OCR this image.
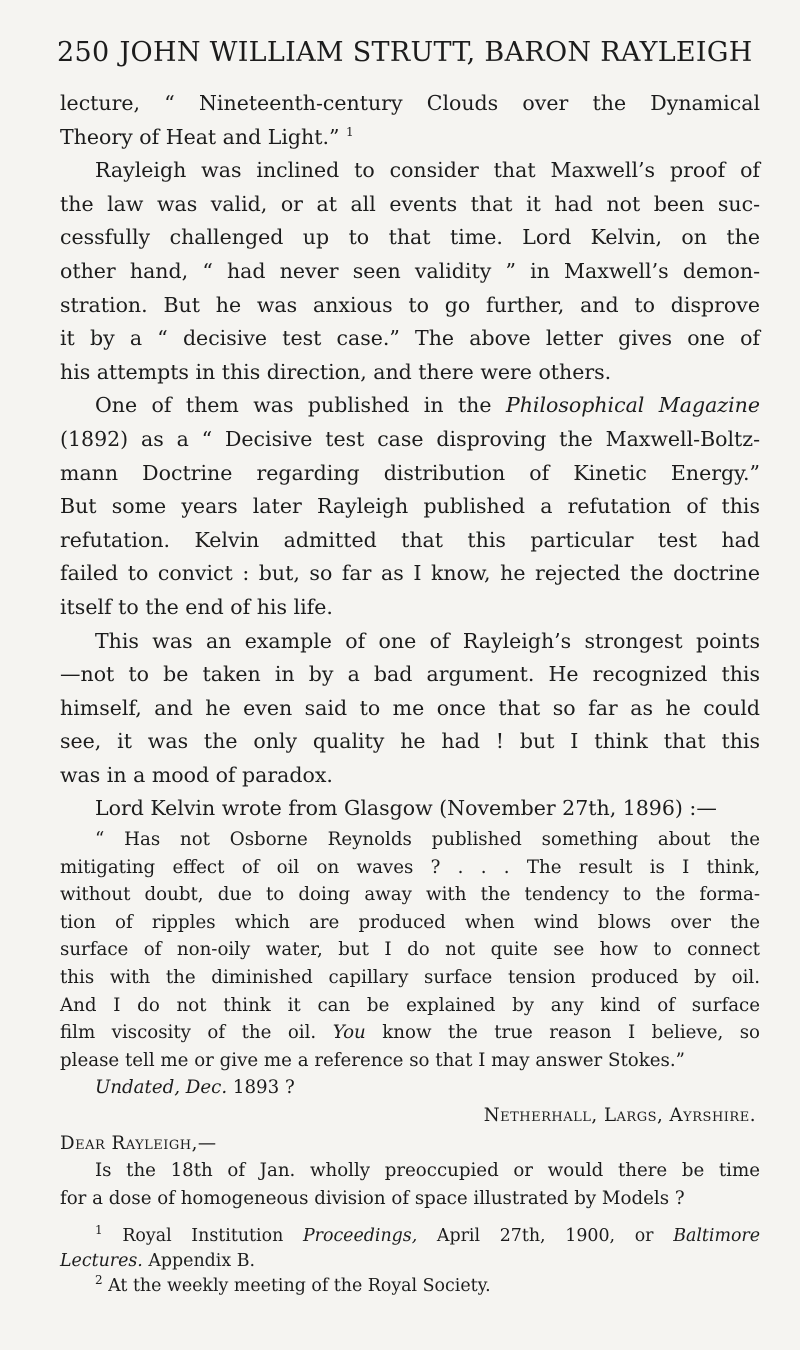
250 JOHN WILLIAM STRUTT, BARON RAYLEIGH

lecture, “ Nineteenth-century Clouds over the Dynamical

Theory of Heat and Light.” $^1$

Rayleigh was inclined to consider that Maxwell’s proof of

the law was valid, or at all events that it had not been suc-

cessfully challenged up to that time. Lord Kelvin, on the

other hand, “ had never seen validity ” in Maxwell’s demon-

stration. But he was anxious to go further, and to disprove

it by a “ decisive test case.” The above letter gives one of

his attempts in this direction, and there were others.

One of them was published in the Philosophical Magazine

(1892) as a “ Decisive test case disproving the Maxwell-Boltz-

mann Doctrine regarding distribution of Kinetic Energy.”

But some years later Rayleigh published a refutation of this

refutation. Kelvin admitted that this particular test had

failed to convict : but, so far as I know, he rejected the doctrine

itself to the end of his life.

This was an example of one of Rayleigh’s strongest points

—not to be taken in by a bad argument. He recognized this

himself, and he even said to me once that so far as he could

see, it was the only quality he had ! but I think that this

was in a mood of paradox.

Lord Kelvin wrote from Glasgow (November 27th, 1896) :—

“ Has not Osborne Reynolds published something about the

mitigating effect of oil on waves ? . . . The result is I think,

without doubt, due to doing away with the tendency to the forma-

tion of ripples which are produced when wind blows over the

surface of non-oily water, but I do not quite see how to connect

this with the diminished capillary surface tension produced by oil.

And I do not think it can be explained by any kind of surface

film viscosity of the oil. You know the true reason I believe, so

please tell me or give me a reference so that I may answer Stokes.”

Undated, Dec. 1893 ?

Netherhall, Largs, Ayrshire.

Dear Rayleigh,—

Is the 18th of Jan. wholly preoccupied or would there be time

for a dose of homogeneous division of space illustrated by Models ?

$^1$ Royal Institution Proceedings, April 27th, 1900, or Baltimore

Lectures. Appendix B.

$^2$ At the weekly meeting of the Royal Society.
